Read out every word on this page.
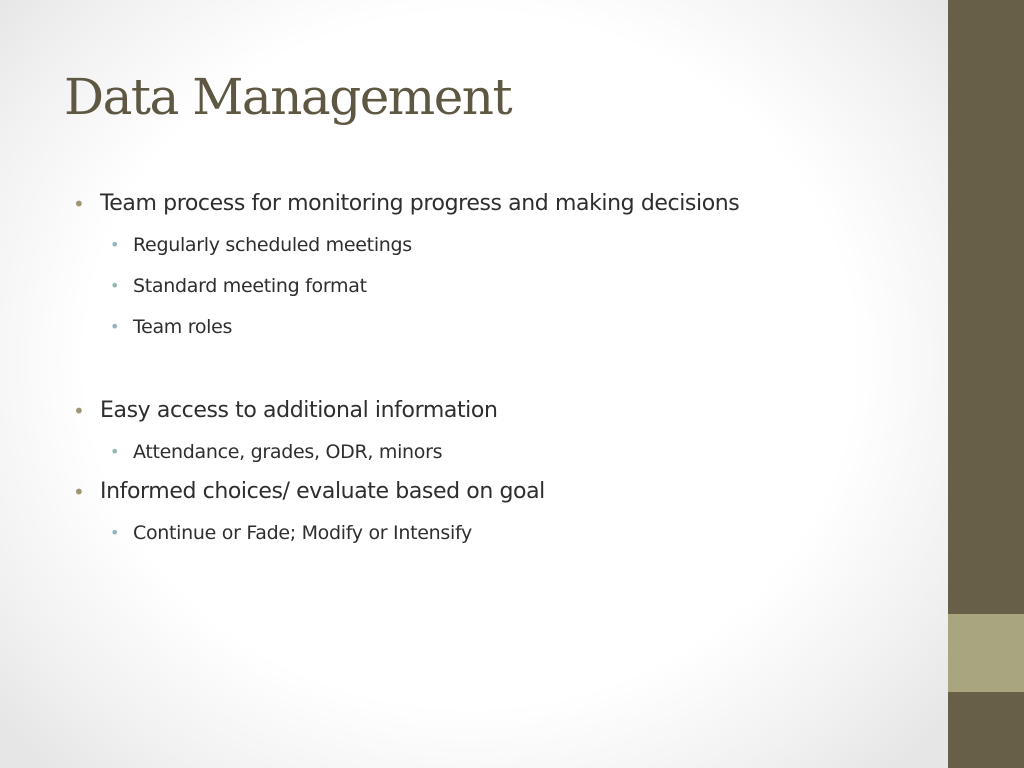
Data Management
• Team process for monitoring progress and making decisions
• Regularly scheduled meetings
• Standard meeting format
• Team roles
• Easy access to additional information
• Attendance, grades, ODR, minors
• Informed choices/ evaluate based on goal
• Continue or Fade; Modify or Intensify
